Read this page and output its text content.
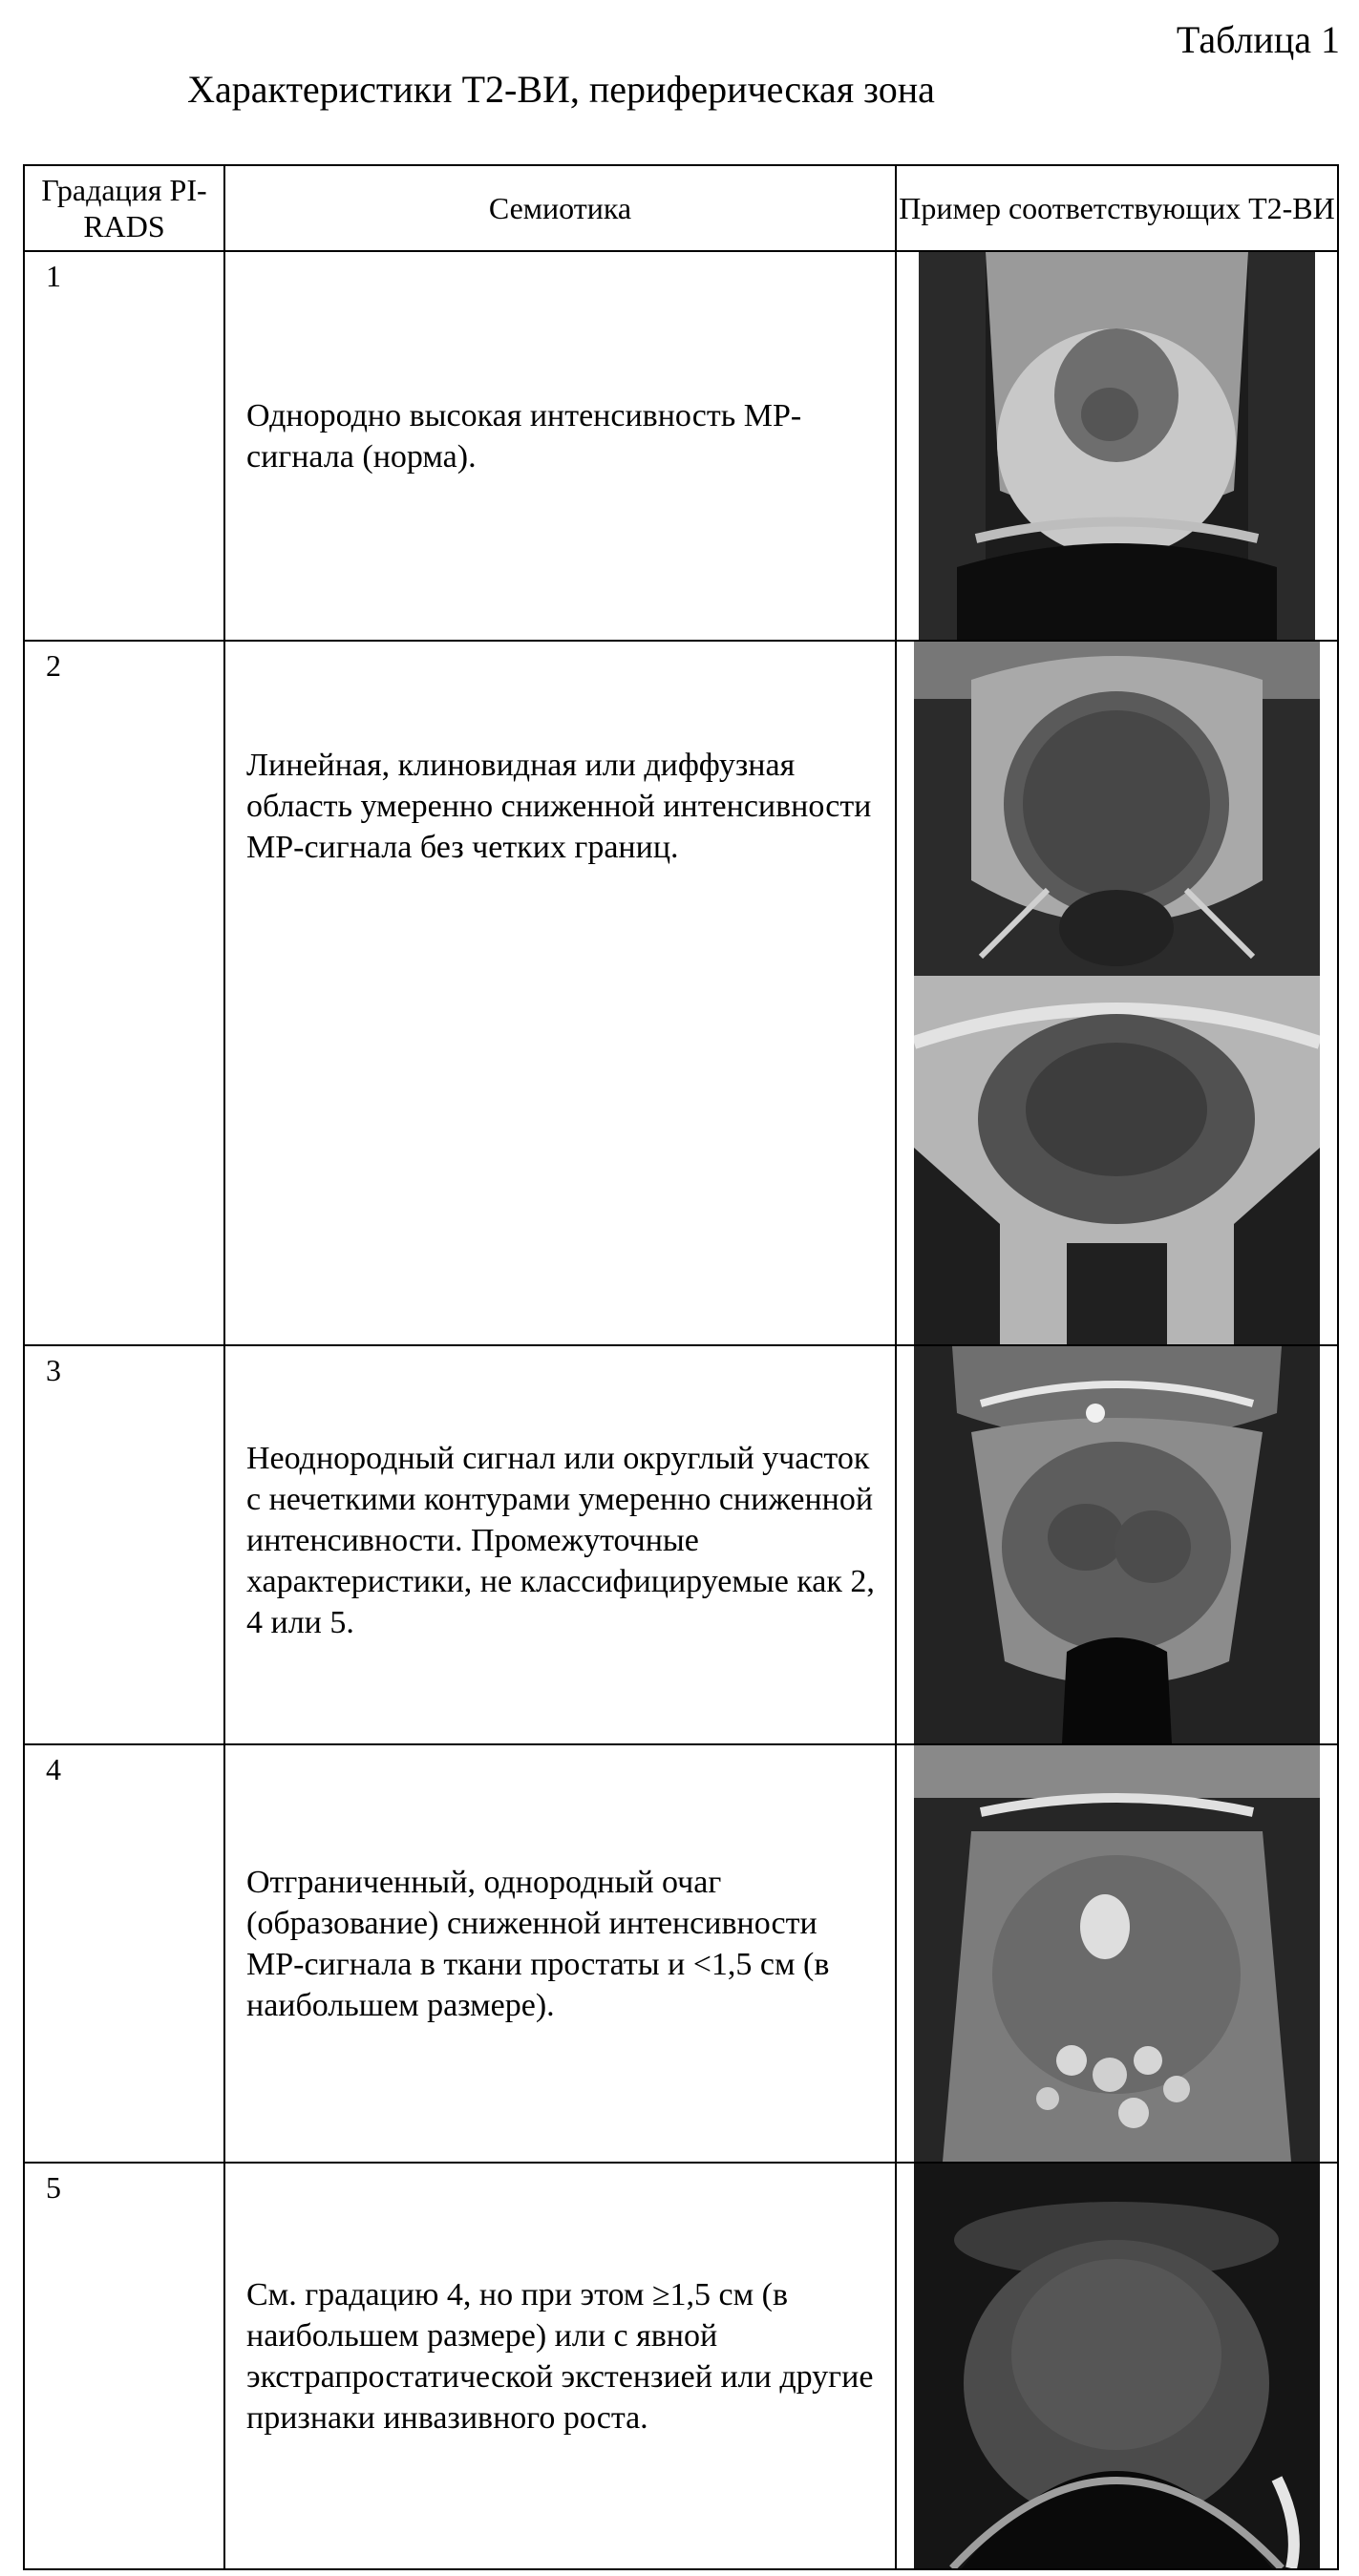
Таблица 1
Характеристики Т2-ВИ, периферическая зона
Градация PI-RADS	Семиотика	Пример соответствующих Т2-ВИ
1	Однородно высокая интенсивность МР-сигнала (норма).

2	Линейная, клиновидная или диффузная область умеренно сниженной интенсивности МР-сигнала без четких границ.

3	Неоднородный сигнал или округлый участок с нечеткими контурами умеренно сниженной интенсивности. Промежуточные характеристики, не классифицируемые как 2, 4 или 5.

4	Отграниченный, однородный очаг (образование) сниженной интенсивности МР-сигнала в ткани простаты и <1,5 см (в наибольшем размере).

5	См. градацию 4, но при этом ≥1,5 см (в наибольшем размере) или с явной экстрапростатической экстензией или другие признаки инвазивного роста.
